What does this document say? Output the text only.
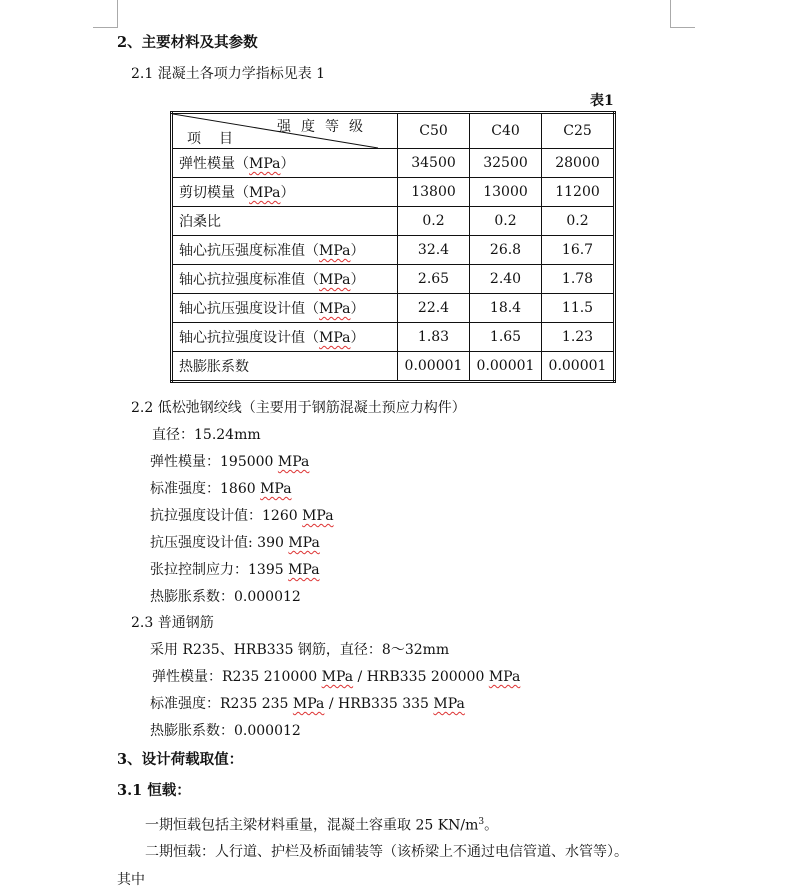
2、主要材料及其参数
2.1 混凝土各项力学指标见表 1
表1
强度等级
项目	C50	C40	C25
弹性模量（MPa）	34500	32500	28000
剪切模量（MPa）	13800	13000	11200
泊桑比	0.2	0.2	0.2
轴心抗压强度标准值（MPa）	32.4	26.8	16.7
轴心抗拉强度标准值（MPa）	2.65	2.40	1.78
轴心抗压强度设计值（MPa）	22.4	18.4	11.5
轴心抗拉强度设计值（MPa）	1.83	1.65	1.23
热膨胀系数	0.00001	0.00001	0.00001
2.2 低松弛钢绞线（主要用于钢筋混凝土预应力构件）
直径：15.24mm
弹性模量：195000 MPa
标准强度：1860 MPa
抗拉强度设计值：1260 MPa
抗压强度设计值: 390 MPa
张拉控制应力：1395 MPa
热膨胀系数：0.000012
2.3 普通钢筋
采用 R235、HRB335 钢筋，直径：8～32mm
弹性模量：R235 210000 MPa / HRB335 200000 MPa
标准强度：R235 235 MPa / HRB335 335 MPa
热膨胀系数：0.000012
3、设计荷载取值：
3.1 恒载：
一期恒载包括主梁材料重量，混凝土容重取 25 $KN/m^3$。
二期恒载：人行道、护栏及桥面铺装等（该桥梁上不通过电信管道、水管等）。
其中
